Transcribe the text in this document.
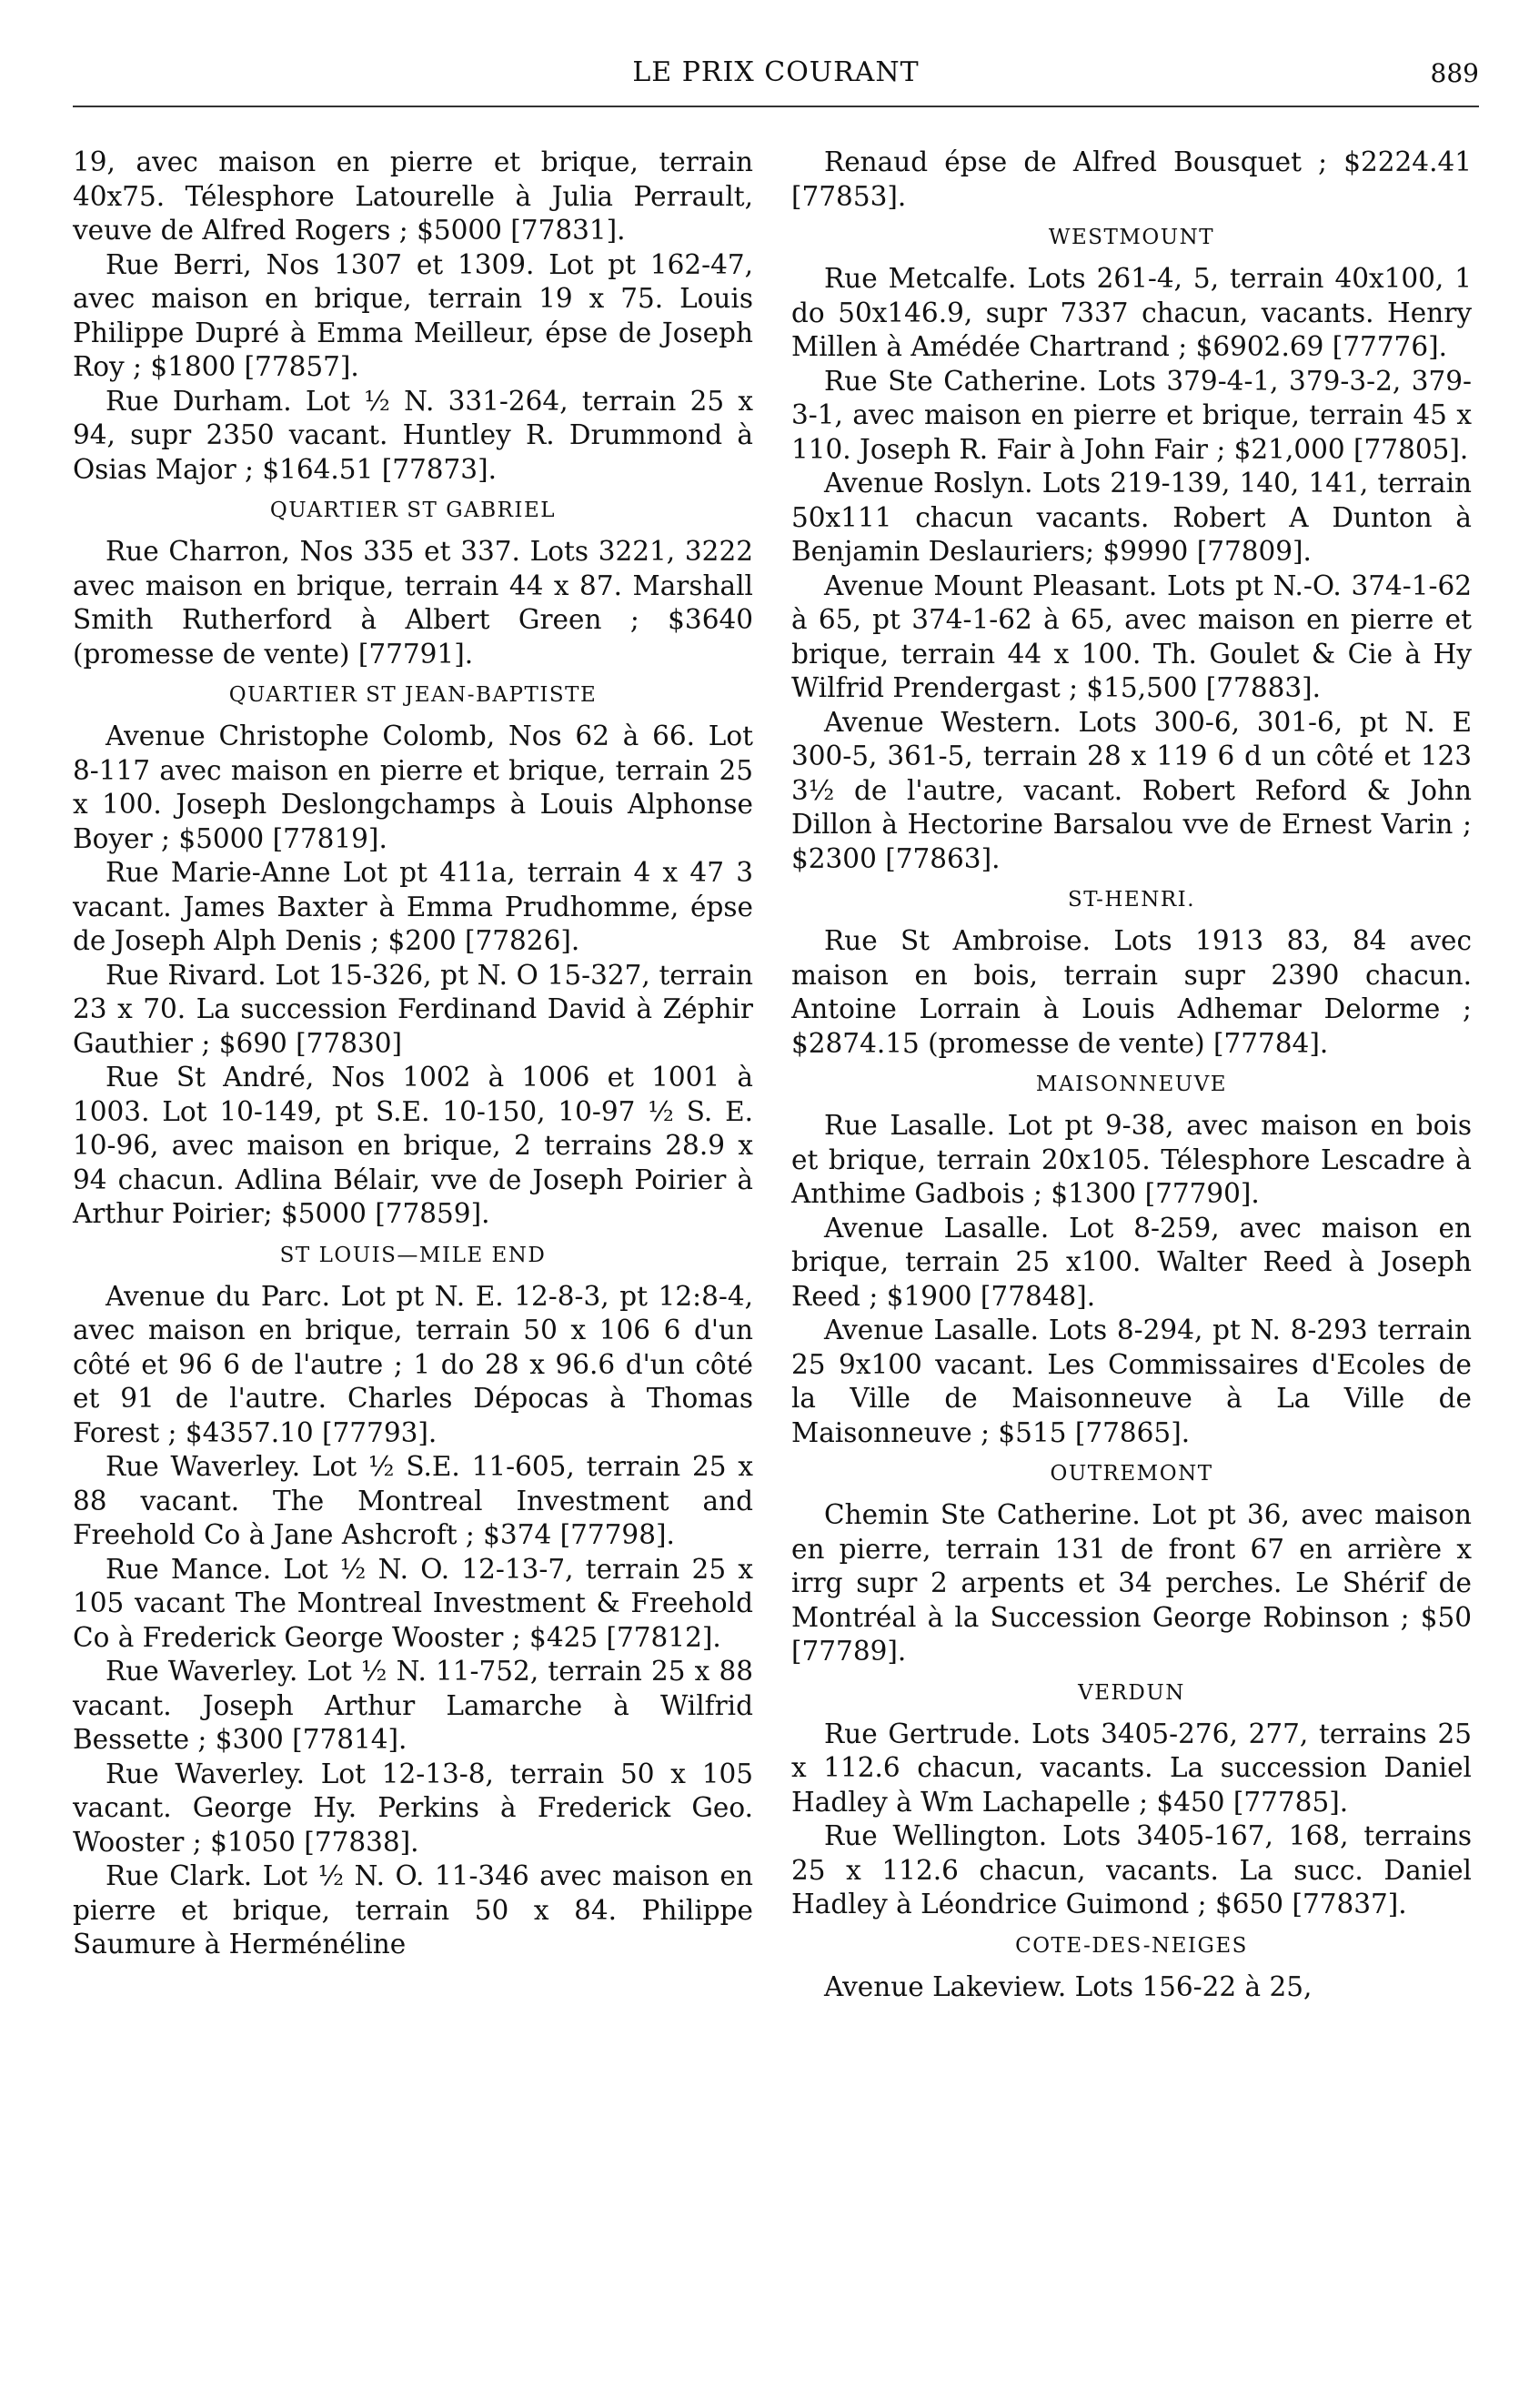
LE PRIX COURANT	889

19, avec maison en pierre et brique, terrain 40x75. Télesphore Latourelle à Julia Perrault, veuve de Alfred Rogers ; $5000 [77831].

Rue Berri, Nos 1307 et 1309. Lot pt 162-47, avec maison en brique, terrain 19 x 75. Louis Philippe Dupré à Emma Meilleur, épse de Joseph Roy ; $1800 [77857].

Rue Durham. Lot ½ N. 331-264, terrain 25 x 94, supr 2350 vacant. Huntley R. Drummond à Osias Major ; $164.51 [77873].

QUARTIER ST GABRIEL

Rue Charron, Nos 335 et 337. Lots 3221, 3222 avec maison en brique, terrain 44 x 87. Marshall Smith Rutherford à Albert Green ; $3640 (promesse de vente) [77791].

QUARTIER ST JEAN-BAPTISTE

Avenue Christophe Colomb, Nos 62 à 66. Lot 8-117 avec maison en pierre et brique, terrain 25 x 100. Joseph Deslongchamps à Louis Alphonse Boyer ; $5000 [77819].

Rue Marie-Anne Lot pt 411a, terrain 4 x 47 3 vacant. James Baxter à Emma Prudhomme, épse de Joseph Alph Denis ; $200 [77826].

Rue Rivard. Lot 15-326, pt N. O 15-327, terrain 23 x 70. La succession Ferdinand David à Zéphir Gauthier ; $690 [77830]

Rue St André, Nos 1002 à 1006 et 1001 à 1003. Lot 10-149, pt S.E. 10-150, 10-97 ½ S. E. 10-96, avec maison en brique, 2 terrains 28.9 x 94 chacun. Adlina Bélair, vve de Joseph Poirier à Arthur Poirier; $5000 [77859].

ST LOUIS—MILE END

Avenue du Parc. Lot pt N. E. 12-8-3, pt 12:8-4, avec maison en brique, terrain 50 x 106 6 d'un côté et 96 6 de l'autre ; 1 do 28 x 96.6 d'un côté et 91 de l'autre. Charles Dépocas à Thomas Forest ; $4357.10 [77793].

Rue Waverley. Lot ½ S.E. 11-605, terrain 25 x 88 vacant. The Montreal Investment and Freehold Co à Jane Ashcroft ; $374 [77798].

Rue Mance. Lot ½ N. O. 12-13-7, terrain 25 x 105 vacant The Montreal Investment & Freehold Co à Frederick George Wooster ; $425 [77812].

Rue Waverley. Lot ½ N. 11-752, terrain 25 x 88 vacant. Joseph Arthur Lamarche à Wilfrid Bessette ; $300 [77814].

Rue Waverley. Lot 12-13-8, terrain 50 x 105 vacant. George Hy. Perkins à Frederick Geo. Wooster ; $1050 [77838].

Rue Clark. Lot ½ N. O. 11-346 avec maison en pierre et brique, terrain 50 x 84. Philippe Saumure à Herménéline

Renaud épse de Alfred Bousquet ; $2224.41 [77853].

WESTMOUNT

Rue Metcalfe. Lots 261-4, 5, terrain 40x100, 1 do 50x146.9, supr 7337 chacun, vacants. Henry Millen à Amédée Chartrand ; $6902.69 [77776].

Rue Ste Catherine. Lots 379-4-1, 379-3-2, 379-3-1, avec maison en pierre et brique, terrain 45 x 110. Joseph R. Fair à John Fair ; $21,000 [77805].

Avenue Roslyn. Lots 219-139, 140, 141, terrain 50x111 chacun vacants. Robert A Dunton à Benjamin Deslauriers; $9990 [77809].

Avenue Mount Pleasant. Lots pt N.-O. 374-1-62 à 65, pt 374-1-62 à 65, avec maison en pierre et brique, terrain 44 x 100. Th. Goulet & Cie à Hy Wilfrid Prendergast ; $15,500 [77883].

Avenue Western. Lots 300-6, 301-6, pt N. E 300-5, 361-5, terrain 28 x 119 6 d un côté et 123 3½ de l'autre, vacant. Robert Reford & John Dillon à Hectorine Barsalou vve de Ernest Varin ; $2300 [77863].

ST-HENRI.

Rue St Ambroise. Lots 1913 83, 84 avec maison en bois, terrain supr 2390 chacun. Antoine Lorrain à Louis Adhemar Delorme ; $2874.15 (promesse de vente) [77784].

MAISONNEUVE

Rue Lasalle. Lot pt 9-38, avec maison en bois et brique, terrain 20x105. Télesphore Lescadre à Anthime Gadbois ; $1300 [77790].

Avenue Lasalle. Lot 8-259, avec maison en brique, terrain 25 x100. Walter Reed à Joseph Reed ; $1900 [77848].

Avenue Lasalle. Lots 8-294, pt N. 8-293 terrain 25 9x100 vacant. Les Commissaires d'Ecoles de la Ville de Maisonneuve à La Ville de Maisonneuve ; $515 [77865].

OUTREMONT

Chemin Ste Catherine. Lot pt 36, avec maison en pierre, terrain 131 de front 67 en arrière x irrg supr 2 arpents et 34 perches. Le Shérif de Montréal à la Succession George Robinson ; $50 [77789].

VERDUN

Rue Gertrude. Lots 3405-276, 277, terrains 25 x 112.6 chacun, vacants. La succession Daniel Hadley à Wm Lachapelle ; $450 [77785].

Rue Wellington. Lots 3405-167, 168, terrains 25 x 112.6 chacun, vacants. La succ. Daniel Hadley à Léondrice Guimond ; $650 [77837].

COTE-DES-NEIGES

Avenue Lakeview. Lots 156-22 à 25,
